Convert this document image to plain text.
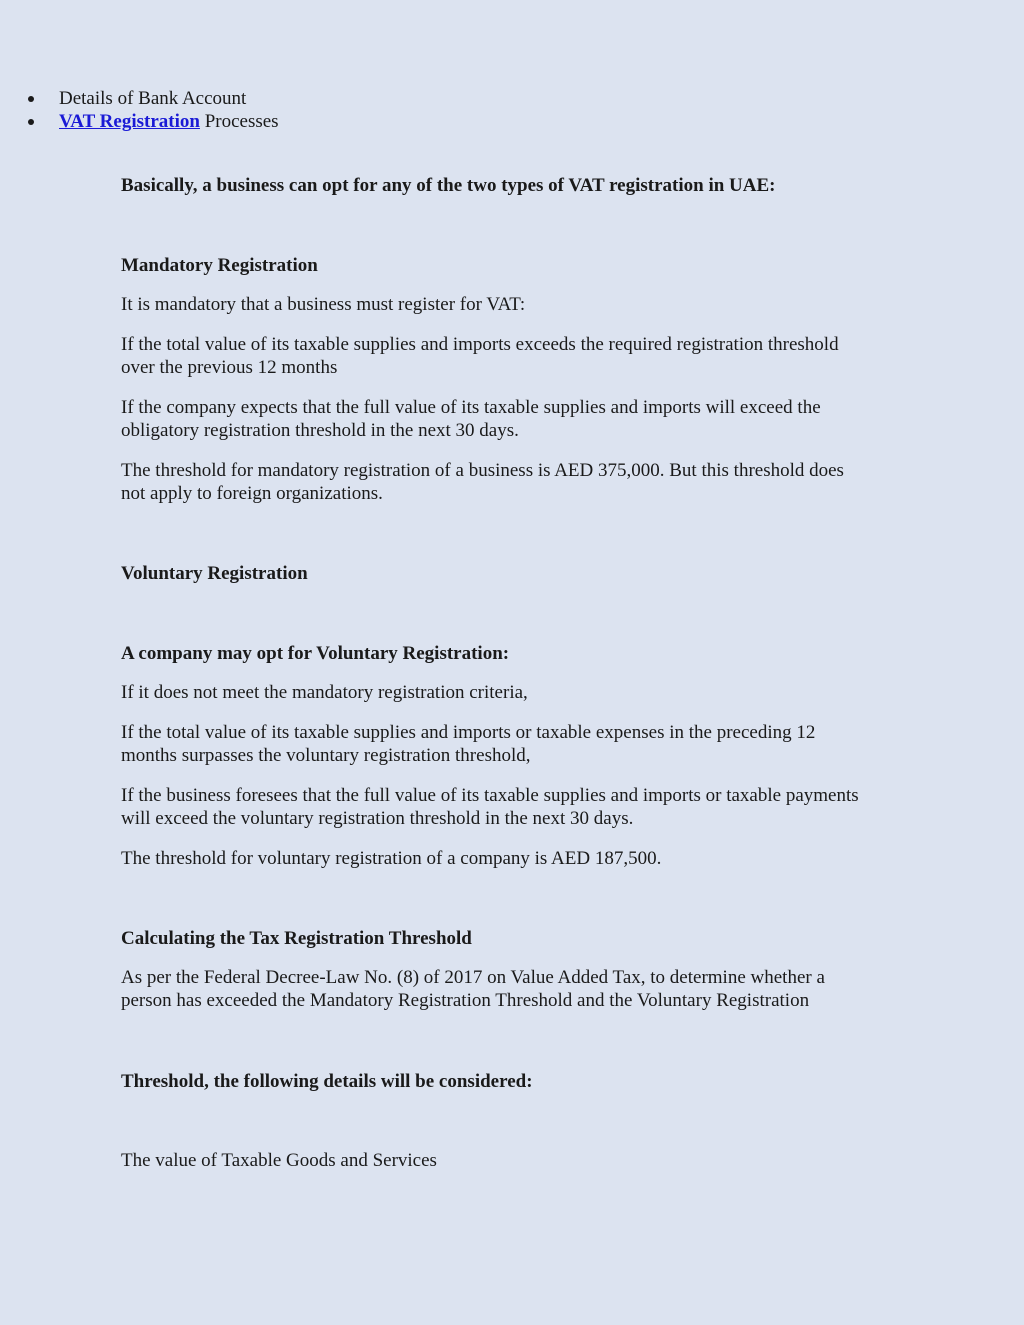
Details of Bank Account
VAT Registration Processes

Basically, a business can opt for any of the two types of VAT registration in UAE:

Mandatory Registration

It is mandatory that a business must register for VAT:

If the total value of its taxable supplies and imports exceeds the required registration threshold

over the previous 12 months

If the company expects that the full value of its taxable supplies and imports will exceed the

obligatory registration threshold in the next 30 days.

The threshold for mandatory registration of a business is AED 375,000. But this threshold does

not apply to foreign organizations.

Voluntary Registration

A company may opt for Voluntary Registration:

If it does not meet the mandatory registration criteria,

If the total value of its taxable supplies and imports or taxable expenses in the preceding 12

months surpasses the voluntary registration threshold,

If the business foresees that the full value of its taxable supplies and imports or taxable payments

will exceed the voluntary registration threshold in the next 30 days.

The threshold for voluntary registration of a company is AED 187,500.

Calculating the Tax Registration Threshold

As per the Federal Decree-Law No. (8) of 2017 on Value Added Tax, to determine whether a

person has exceeded the Mandatory Registration Threshold and the Voluntary Registration

Threshold, the following details will be considered:

The value of Taxable Goods and Services
